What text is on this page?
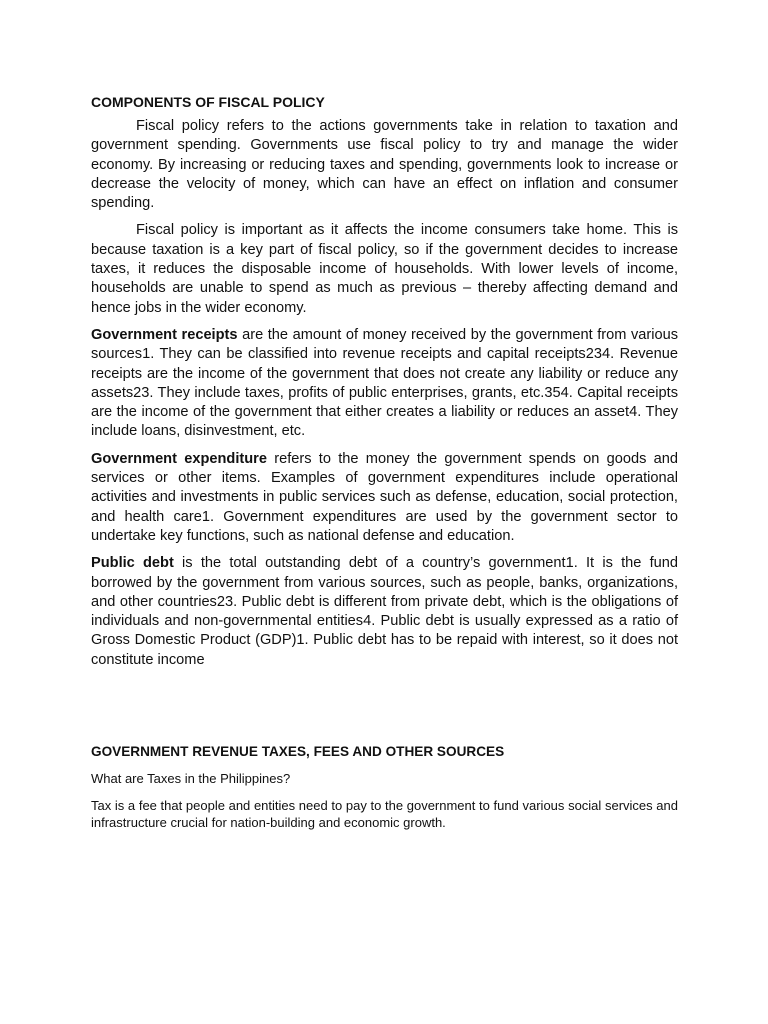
COMPONENTS OF FISCAL POLICY

Fiscal policy refers to the actions governments take in relation to taxation and government spending. Governments use fiscal policy to try and manage the wider economy. By increasing or reducing taxes and spending, governments look to increase or decrease the velocity of money, which can have an effect on inflation and consumer spending.

Fiscal policy is important as it affects the income consumers take home. This is because taxation is a key part of fiscal policy, so if the government decides to increase taxes, it reduces the disposable income of households. With lower levels of income, households are unable to spend as much as previous – thereby affecting demand and hence jobs in the wider economy.

Government receipts are the amount of money received by the government from various sources1. They can be classified into revenue receipts and capital receipts234. Revenue receipts are the income of the government that does not create any liability or reduce any assets23. They include taxes, profits of public enterprises, grants, etc.354. Capital receipts are the income of the government that either creates a liability or reduces an asset4. They include loans, disinvestment, etc.

Government expenditure refers to the money the government spends on goods and services or other items. Examples of government expenditures include operational activities and investments in public services such as defense, education, social protection, and health care1. Government expenditures are used by the government sector to undertake key functions, such as national defense and education.

Public debt is the total outstanding debt of a country’s government1. It is the fund borrowed by the government from various sources, such as people, banks, organizations, and other countries23. Public debt is different from private debt, which is the obligations of individuals and non-governmental entities4. Public debt is usually expressed as a ratio of Gross Domestic Product (GDP)1. Public debt has to be repaid with interest, so it does not constitute income

GOVERNMENT REVENUE TAXES, FEES AND OTHER SOURCES

What are Taxes in the Philippines?

Tax is a fee that people and entities need to pay to the government to fund various social services and infrastructure crucial for nation-building and economic growth.
